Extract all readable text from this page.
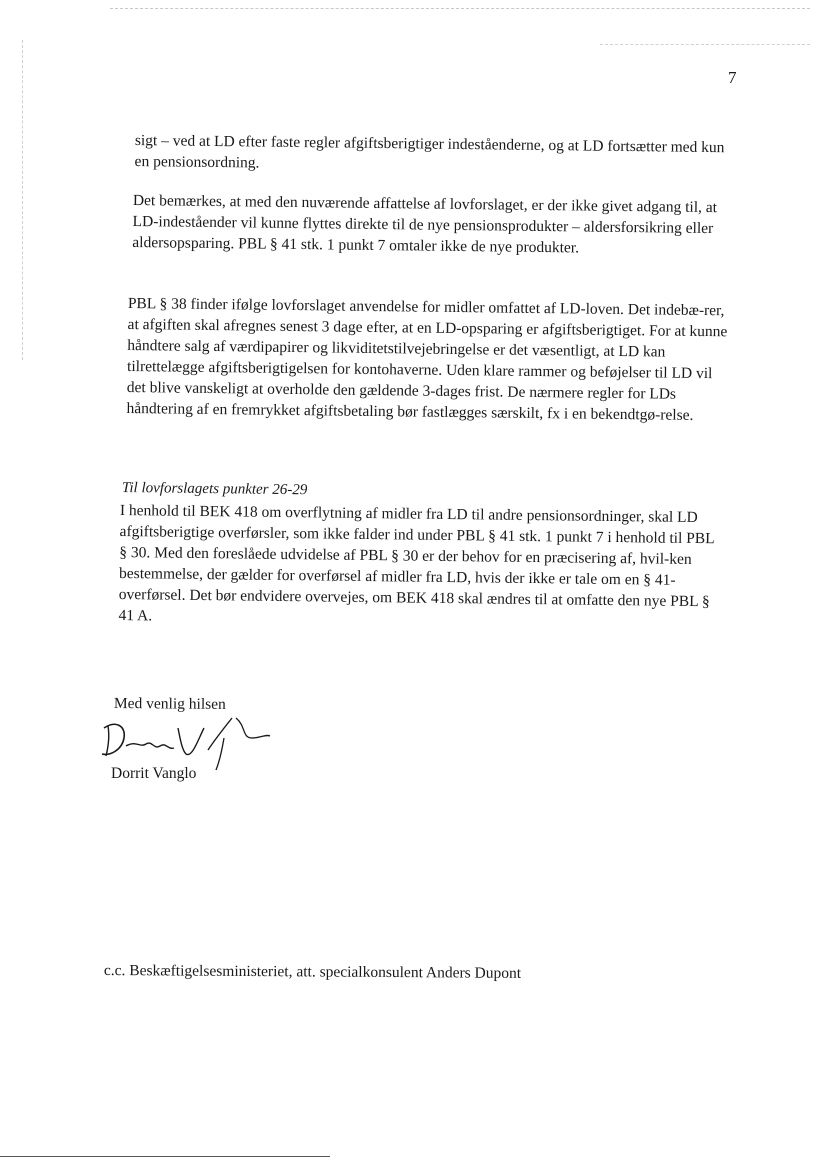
7

sigt – ved at LD efter faste regler afgiftsberigtiger indeståenderne, og at LD fortsætter med kun en pensionsordning.

Det bemærkes, at med den nuværende affattelse af lovforslaget, er der ikke givet adgang til, at LD-indeståender vil kunne flyttes direkte til de nye pensionsprodukter – aldersforsikring eller aldersopsparing. PBL § 41 stk. 1 punkt 7 omtaler ikke de nye produkter.

PBL § 38 finder ifølge lovforslaget anvendelse for midler omfattet af LD-loven. Det indebæ-rer, at afgiften skal afregnes senest 3 dage efter, at en LD-opsparing er afgiftsberigtiget. For at kunne håndtere salg af værdipapirer og likviditetstilvejebringelse er det væsentligt, at LD kan tilrettelægge afgiftsberigtigelsen for kontohaverne. Uden klare rammer og beføjelser til LD vil det blive vanskeligt at overholde den gældende 3-dages frist. De nærmere regler for LDs håndtering af en fremrykket afgiftsbetaling bør fastlægges særskilt, fx i en bekendtgø-relse.

Til lovforslagets punkter 26-29

I henhold til BEK 418 om overflytning af midler fra LD til andre pensionsordninger, skal LD afgiftsberigtige overførsler, som ikke falder ind under PBL § 41 stk. 1 punkt 7 i henhold til PBL § 30. Med den foreslåede udvidelse af PBL § 30 er der behov for en præcisering af, hvil-ken bestemmelse, der gælder for overførsel af midler fra LD, hvis der ikke er tale om en § 41-overførsel. Det bør endvidere overvejes, om BEK 418 skal ændres til at omfatte den nye PBL § 41 A.

Med venlig hilsen
Dorrit Vanglo
c.c. Beskæftigelsesministeriet, att. specialkonsulent Anders Dupont
